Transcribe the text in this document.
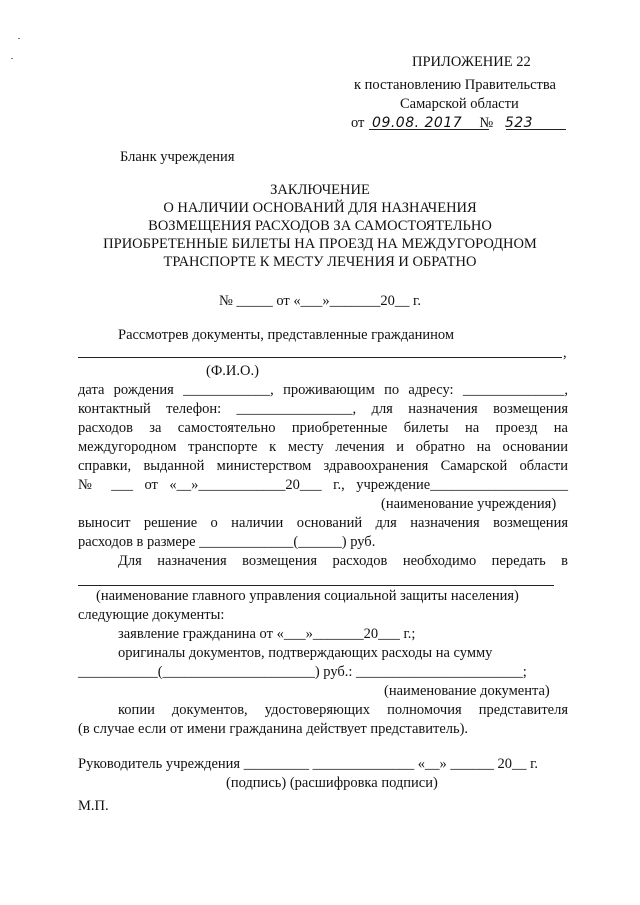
ПРИЛОЖЕНИЕ 22
к постановлению Правительства
Самарской области
от 09.08. 2017 № 523
Бланк учреждения
ЗАКЛЮЧЕНИЕ
О НАЛИЧИИ ОСНОВАНИЙ ДЛЯ НАЗНАЧЕНИЯ
ВОЗМЕЩЕНИЯ РАСХОДОВ ЗА САМОСТОЯТЕЛЬНО
ПРИОБРЕТЕННЫЕ БИЛЕТЫ НА ПРОЕЗД НА МЕЖДУГОРОДНОМ
ТРАНСПОРТЕ К МЕСТУ ЛЕЧЕНИЯ И ОБРАТНО
№ _____ от «___»_______20__ г.
Рассмотрев документы, представленные гражданином
,
(Ф.И.О.)
дата рождения ____________, проживающим по адресу: ______________,
контактный телефон: ________________, для назначения возмещения
расходов за самостоятельно приобретенные билеты на проезд на
междугородном транспорте к месту лечения и обратно на основании
справки, выданной министерством здравоохранения Самарской области
№ ___ от «__»____________20___ г., учреждение___________________
(наименование учреждения)
выносит решение о наличии оснований для назначения возмещения
расходов в размере _____________(______) руб.
Для назначения возмещения расходов необходимо передать в
(наименование главного управления социальной защиты населения)
следующие документы:
заявление гражданина от «___»_______20___ г.;
оригиналы документов, подтверждающих расходы на сумму
___________(_____________________) руб.: _______________________;
(наименование документа)
копии документов, удостоверяющих полномочия представителя
(в случае если от имени гражданина действует представитель).
Руководитель учреждения _________ ______________ «__» ______ 20__ г.
(подпись) (расшифровка подписи)
М.П.
